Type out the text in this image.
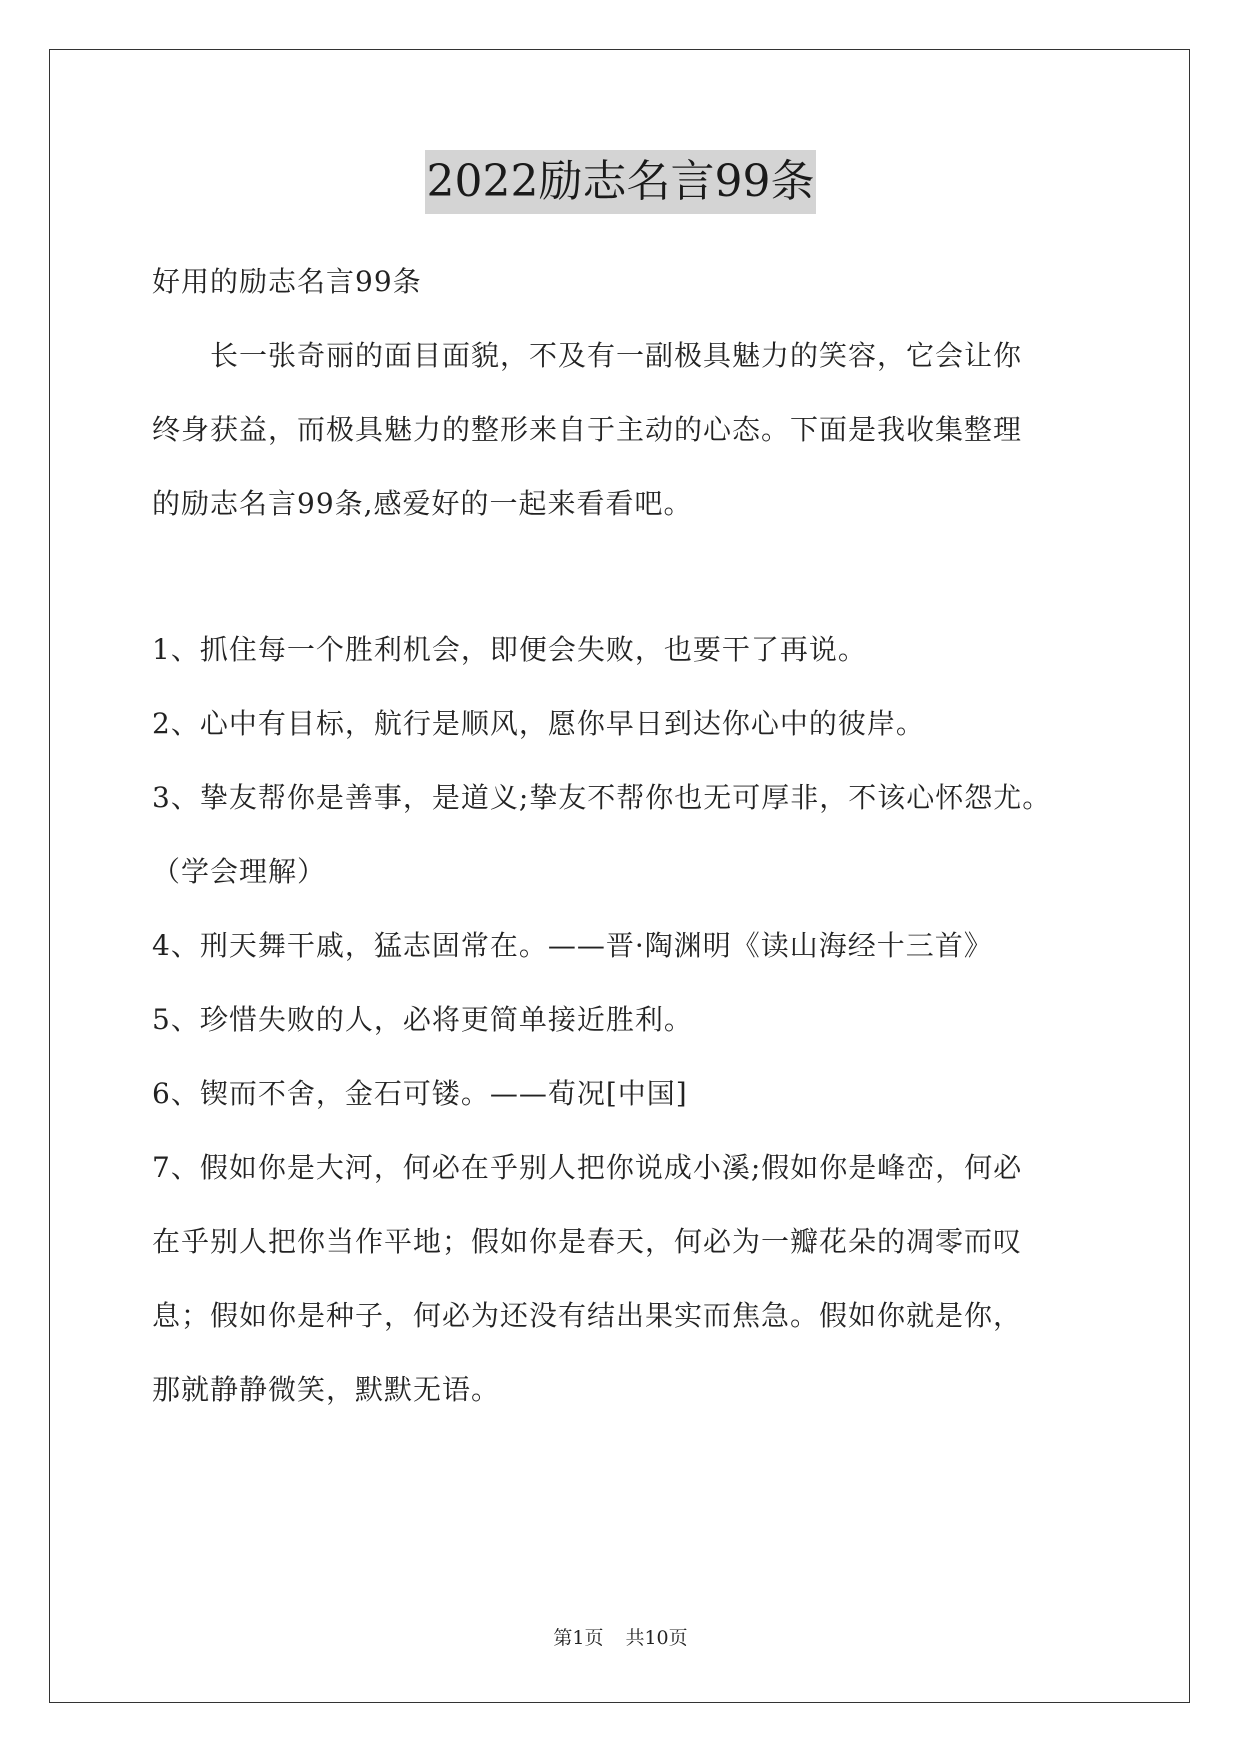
2022励志名言99条
好用的励志名言99条
　　长一张奇丽的面目面貌，不及有一副极具魅力的笑容，它会让你
终身获益，而极具魅力的整形来自于主动的心态。下面是我收集整理
的励志名言99条,感爱好的一起来看看吧。
1、抓住每一个胜利机会，即便会失败，也要干了再说。
2、心中有目标，航行是顺风，愿你早日到达你心中的彼岸。
3、挚友帮你是善事，是道义;挚友不帮你也无可厚非，不该心怀怨尤。
（学会理解）
4、刑天舞干戚，猛志固常在。——晋·陶渊明《读山海经十三首》
5、珍惜失败的人，必将更简单接近胜利。
6、锲而不舍，金石可镂。——荀况[中国]
7、假如你是大河，何必在乎别人把你说成小溪;假如你是峰峦，何必
在乎别人把你当作平地；假如你是春天，何必为一瓣花朵的凋零而叹
息；假如你是种子，何必为还没有结出果实而焦急。假如你就是你，
那就静静微笑，默默无语。
第1页 共10页
